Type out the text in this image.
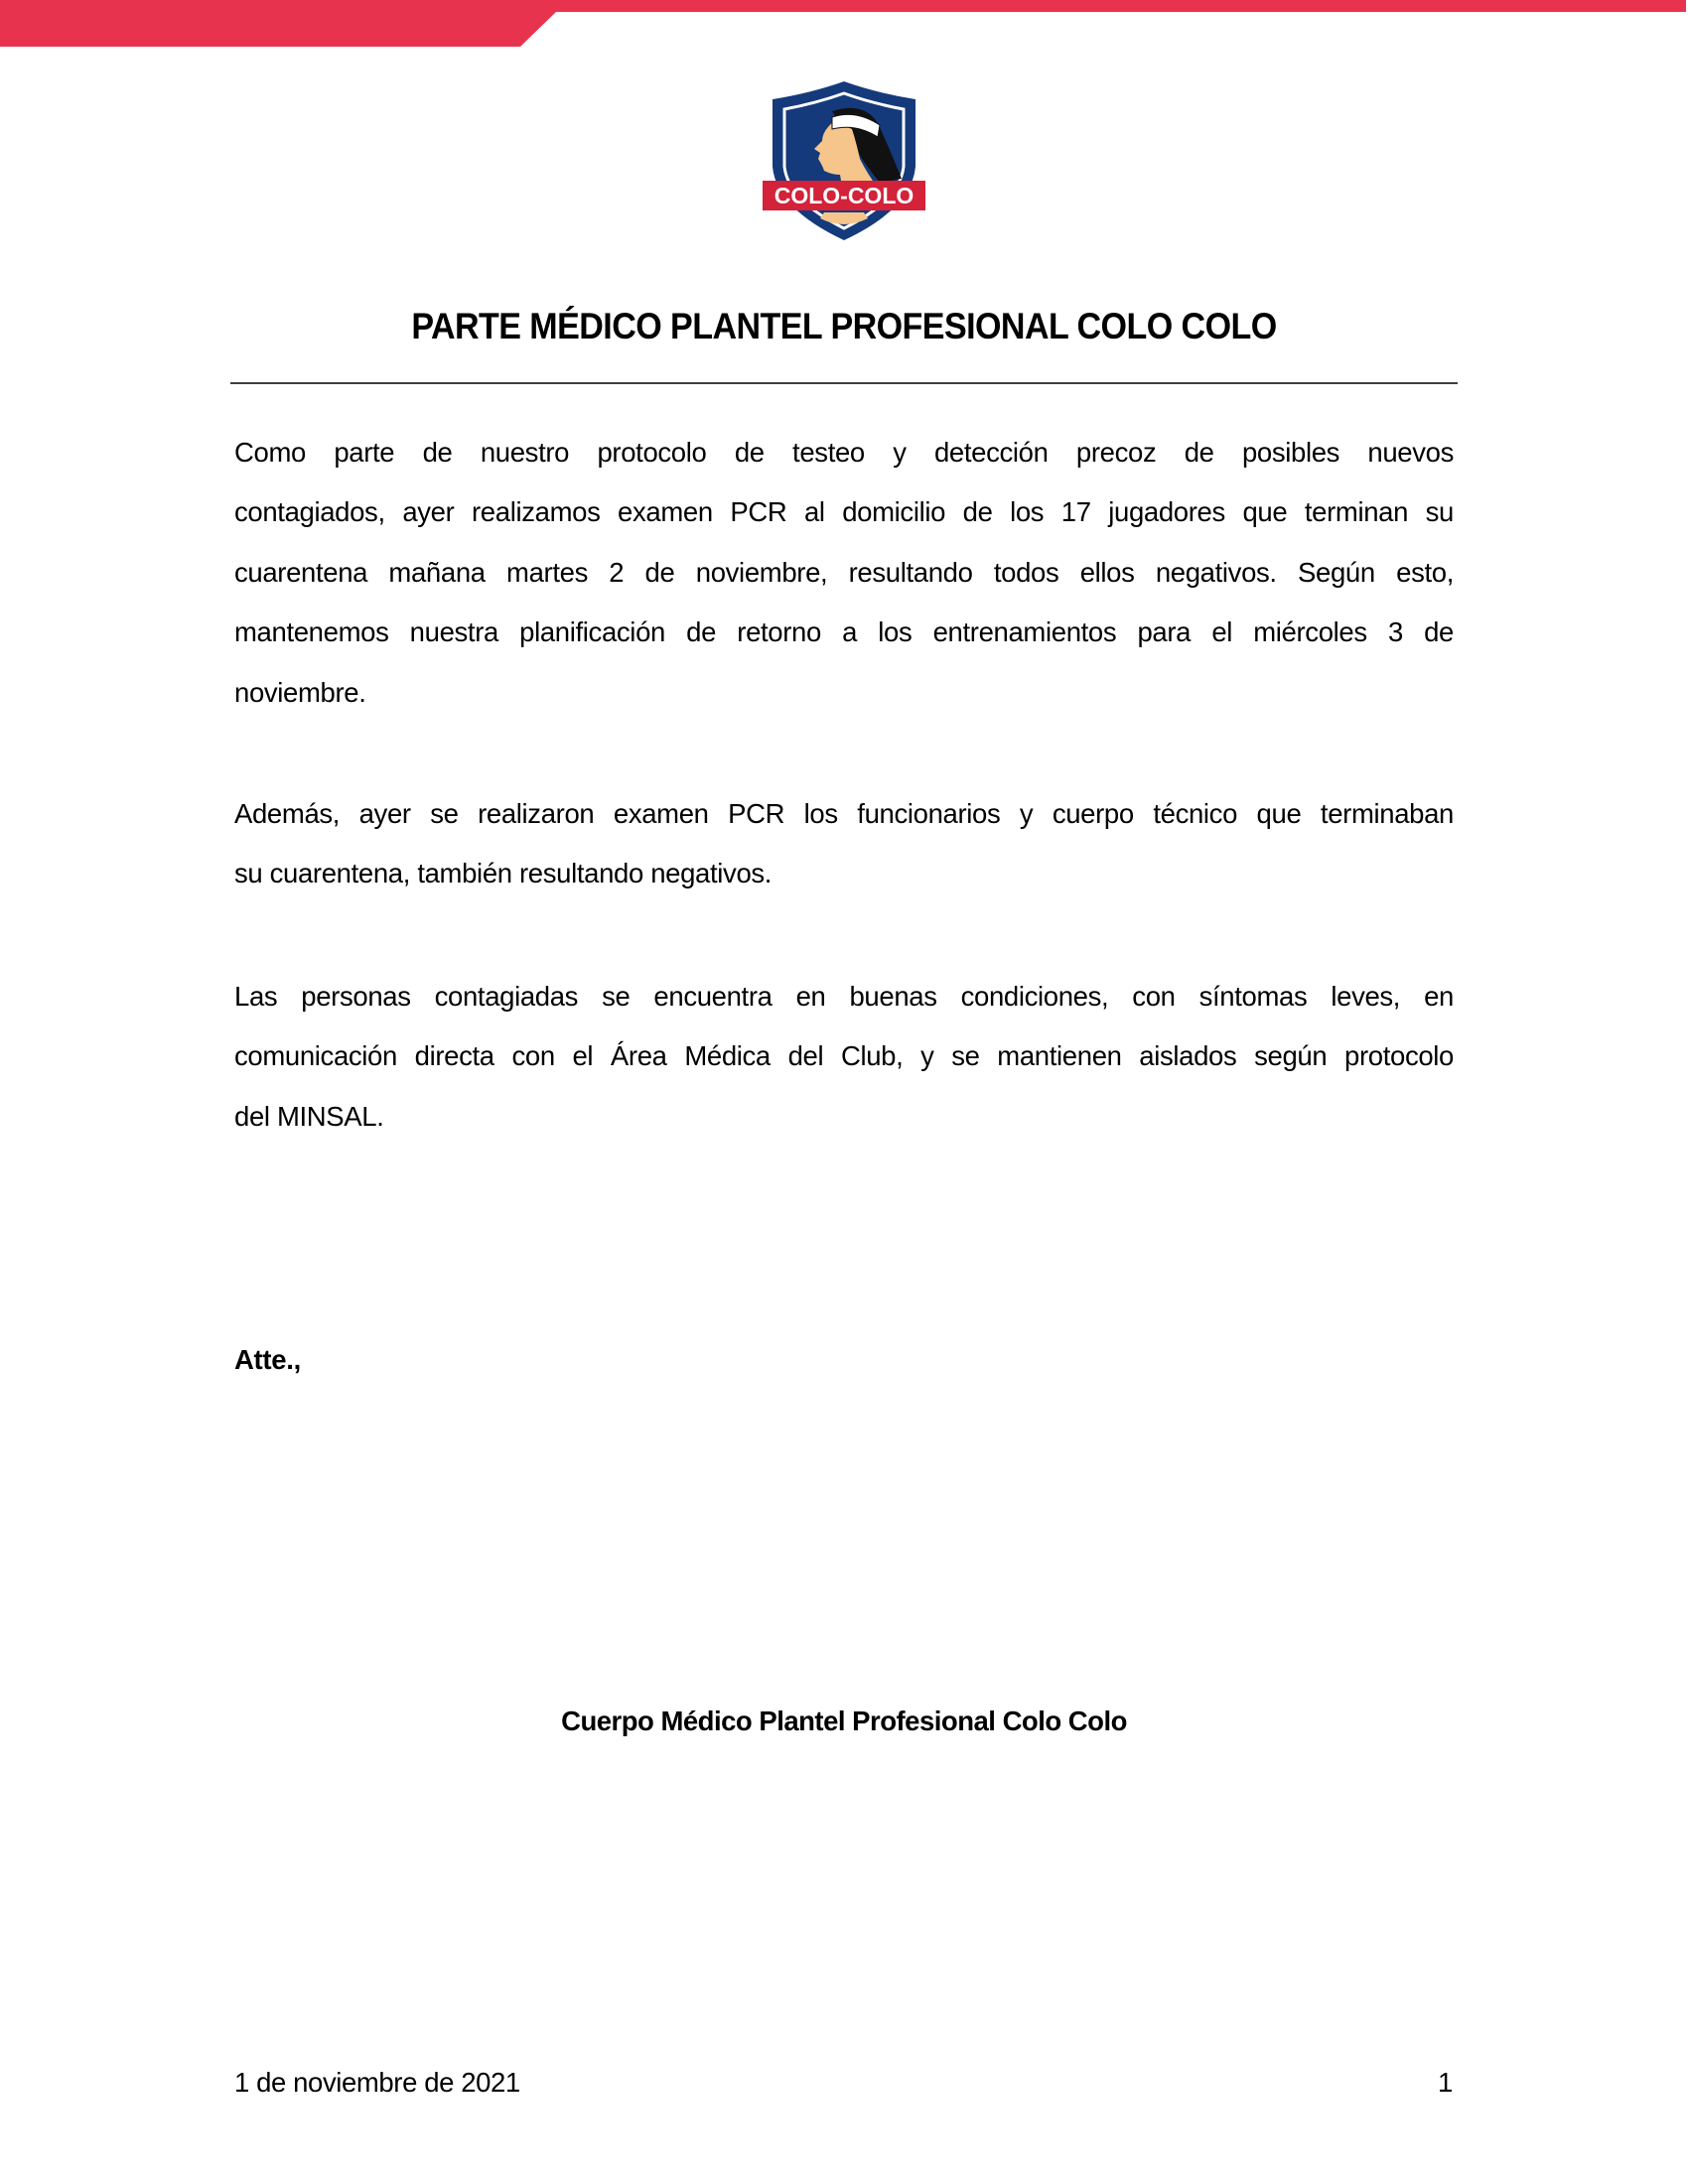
COLO-COLO
PARTE MÉDICO PLANTEL PROFESIONAL COLO COLO
Como parte de nuestro protocolo de testeo y detección precoz de posibles nuevos
contagiados, ayer realizamos examen PCR al domicilio de los 17 jugadores que terminan su
cuarentena mañana martes 2 de noviembre, resultando todos ellos negativos. Según esto,
mantenemos nuestra planificación de retorno a los entrenamientos para el miércoles 3 de
noviembre.
Además, ayer se realizaron examen PCR los funcionarios y cuerpo técnico que terminaban
su cuarentena, también resultando negativos.
Las personas contagiadas se encuentra en buenas condiciones, con síntomas leves, en
comunicación directa con el Área Médica del Club, y se mantienen aislados según protocolo
del MINSAL.
Atte.,
Cuerpo Médico Plantel Profesional Colo Colo
1 de noviembre de 2021	1
